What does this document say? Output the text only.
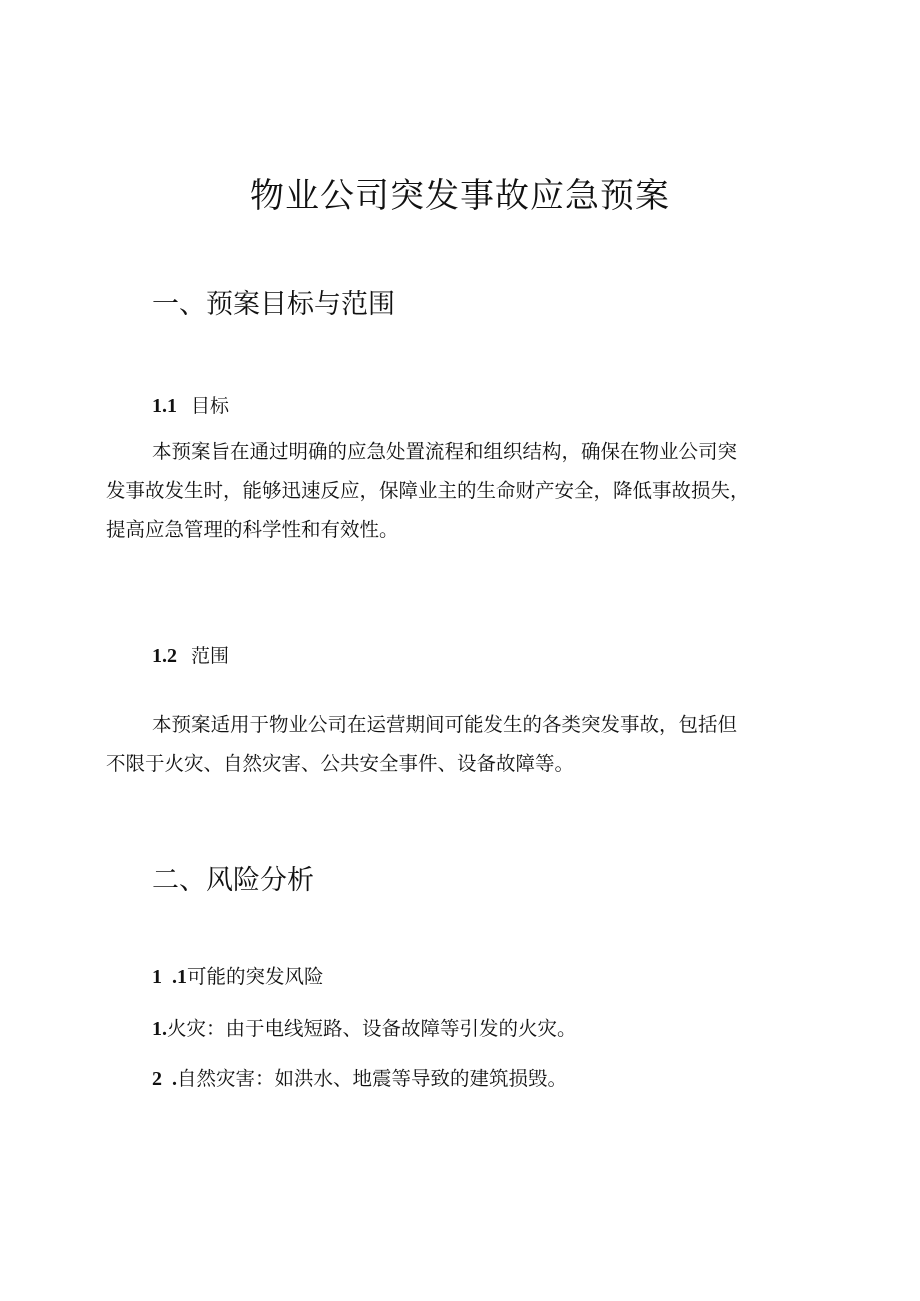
物业公司突发事故应急预案
一、预案目标与范围
1.1 目标
本预案旨在通过明确的应急处置流程和组织结构，确保在物业公司突
发事故发生时，能够迅速反应，保障业主的生命财产安全，降低事故损失，
提高应急管理的科学性和有效性。
1.2 范围
本预案适用于物业公司在运营期间可能发生的各类突发事故，包括但
不限于火灾、自然灾害、公共安全事件、设备故障等。
二、风险分析
1  .1可能的突发风险
1.火灾：由于电线短路、设备故障等引发的火灾。
2  .自然灾害：如洪水、地震等导致的建筑损毁。
